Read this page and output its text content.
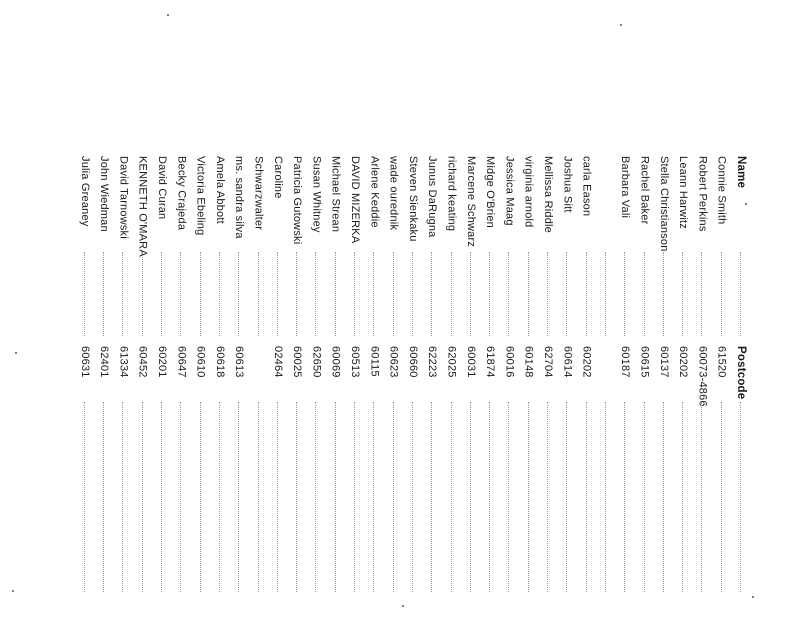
Name
Postcode
Connie Smith
61520
Robert Perkins
60073-4866
Leann Harwitz
60202
Stella Christianson
60137
Rachel Baker
60615
Barbara Vali
60187
carla Eason
60202
Joshua Sitt
60614
Mellissa Riddle
62704
virginia arnold
60148
Jessica Maag
60016
Midge O'Brien
61874
Marcene Schwarz
60031
richard keating
62025
Junus DaRugna
62223
Steven Sienkaku
60660
wade ourednik
60623
Arlene Keddie
60115
DAVID MIZERKA
60513
Michael Strean
60069
Susan Whitney
62650
Patricia Gutowski
60025
Caroline
02464
Schwarzwalter
ms. sandra silva
60613
Amela Abbott
60618
Victoria Ebeling
60610
Becky Crajeda
60647
David Curan
60201
KENNETH O'MARA
60452
David Tarnowski
61334
John Wiedman
62401
Julia Greaney
60631
